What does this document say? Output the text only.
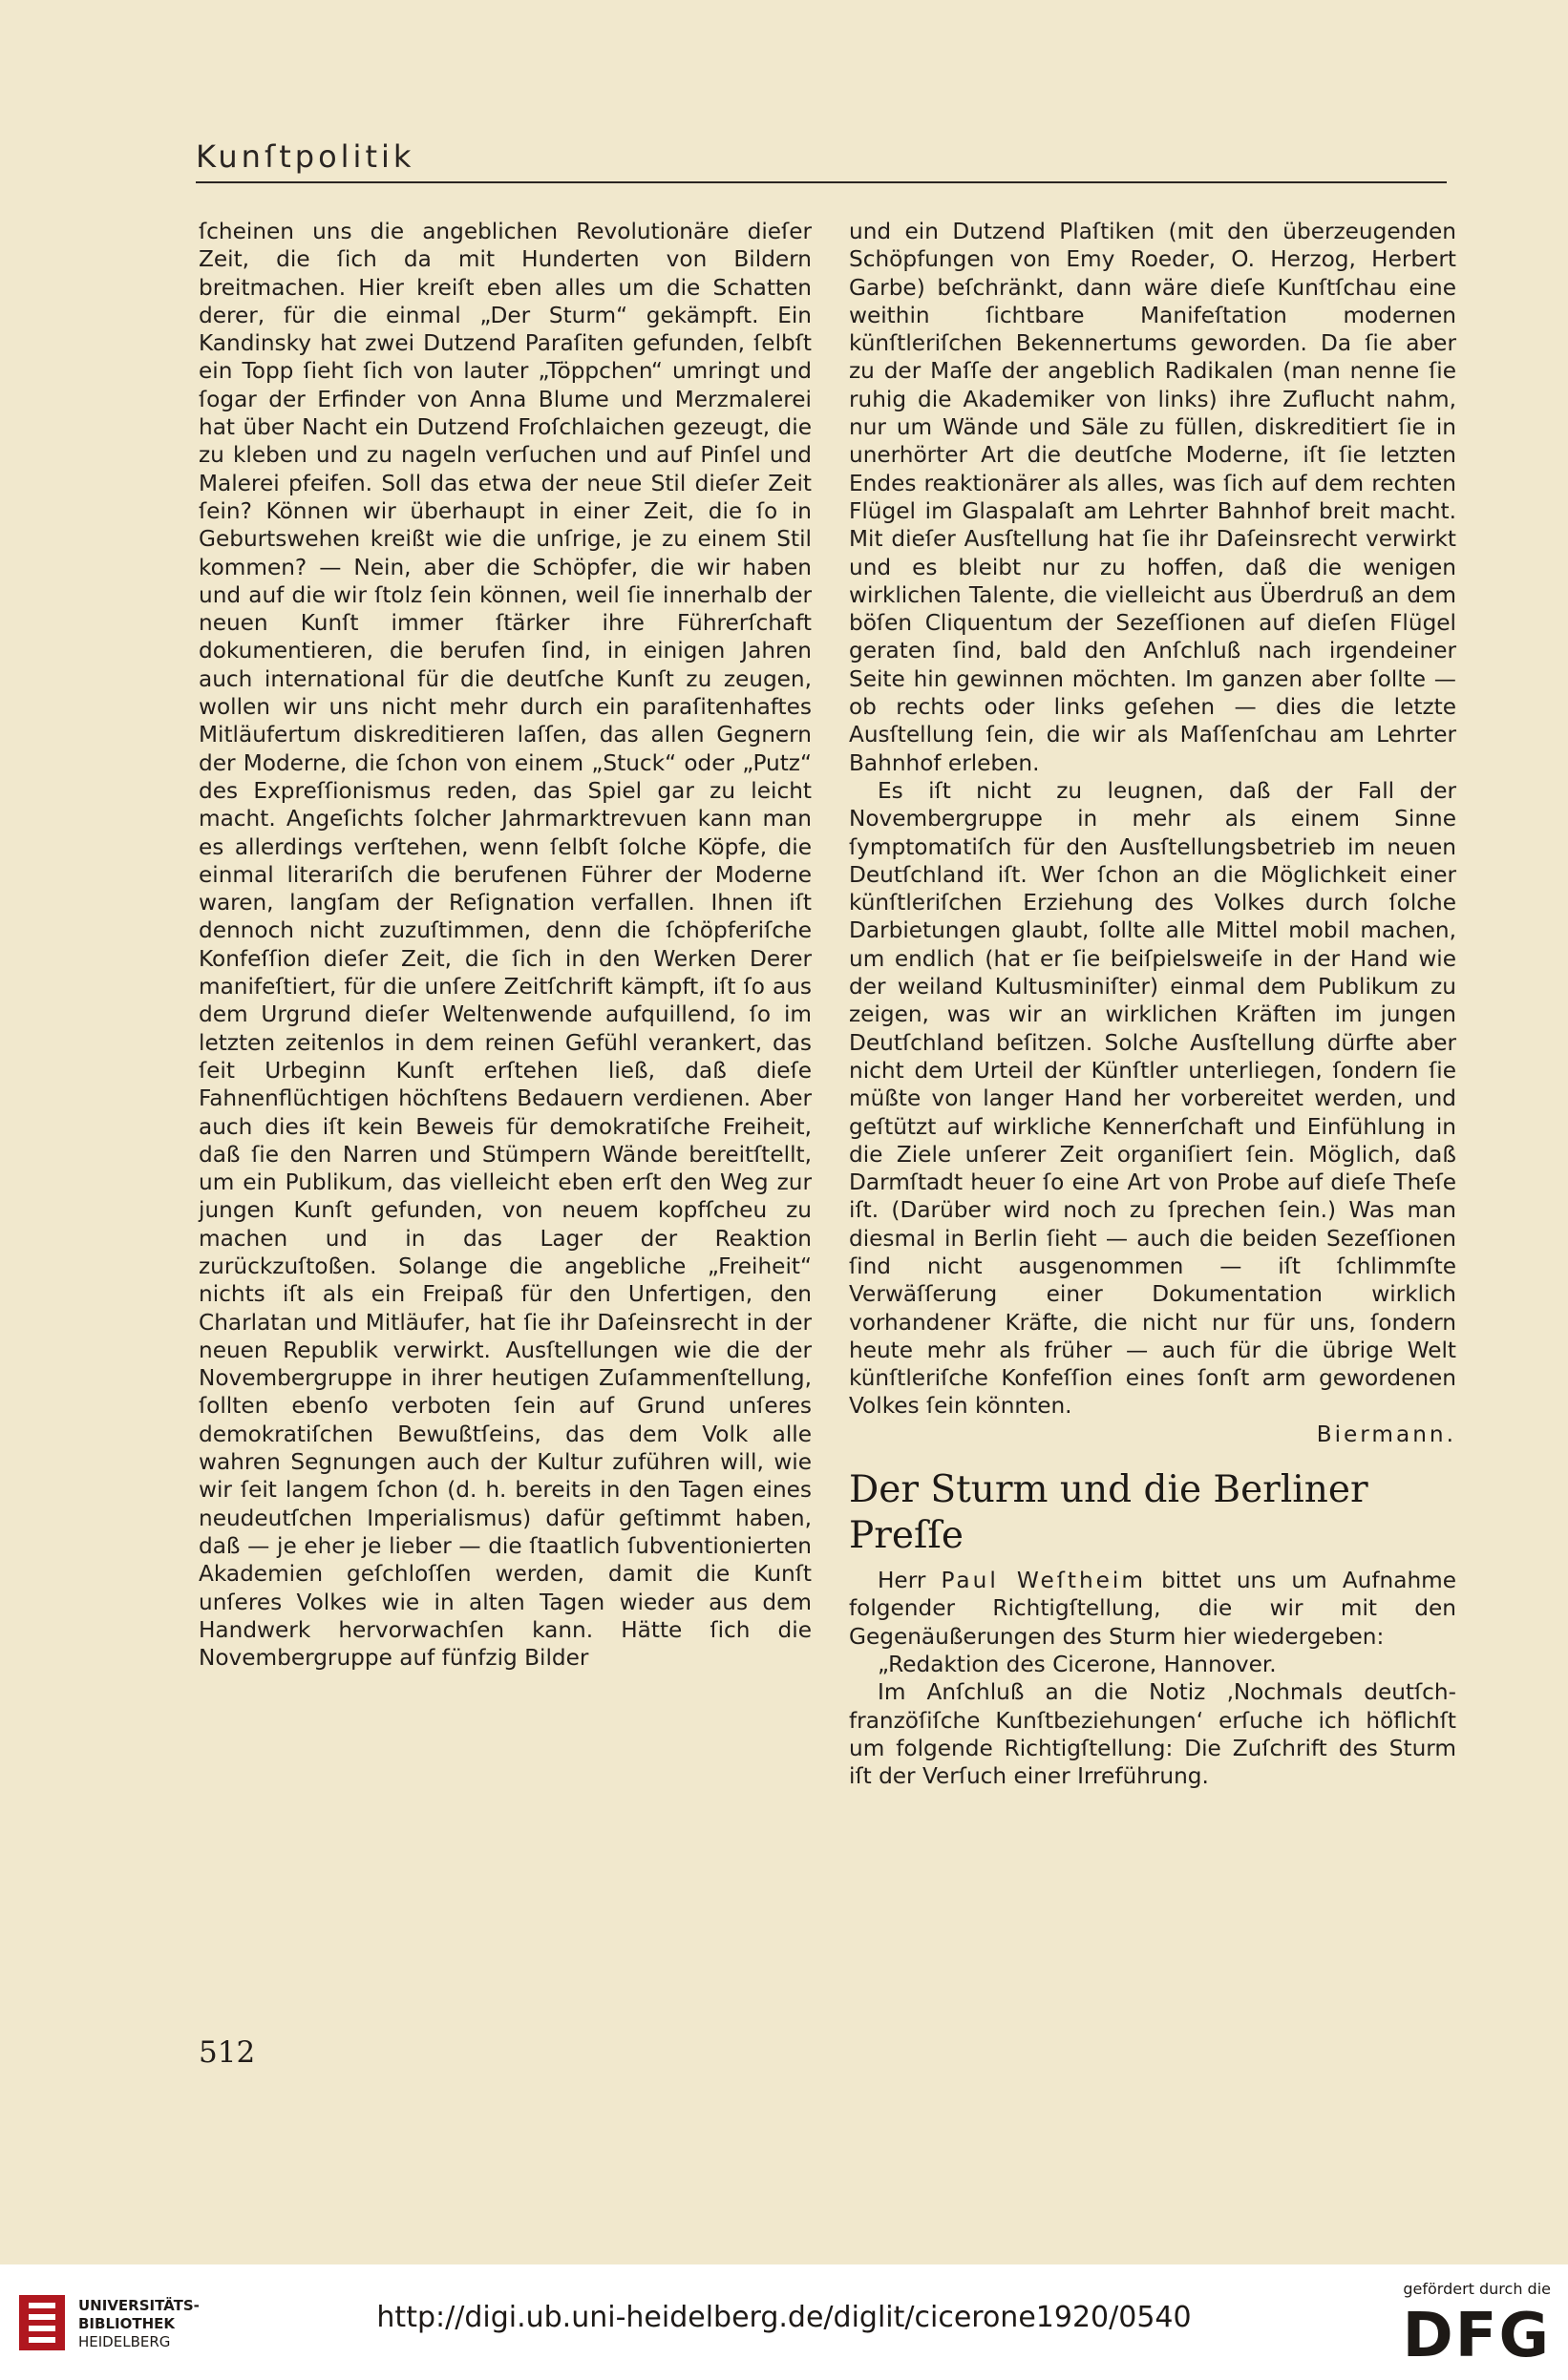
Kunſtpolitik

ſcheinen uns die angeblichen Revolutionäre dieſer Zeit, die ſich da mit Hunderten von Bildern breitmachen. Hier kreiſt eben alles um die Schatten derer, für die einmal „Der Sturm“ gekämpft. Ein Kandinsky hat zwei Dutzend Paraſiten gefunden, ſelbſt ein Topp ſieht ſich von lauter „Töppchen“ umringt und ſogar der Erfinder von Anna Blume und Merzmalerei hat über Nacht ein Dutzend Froſchlaichen gezeugt, die zu kleben und zu nageln verſuchen und auf Pinſel und Malerei pfeifen. Soll das etwa der neue Stil dieſer Zeit ſein? Können wir überhaupt in einer Zeit, die ſo in Geburtswehen kreißt wie die unſrige, je zu einem Stil kommen? — Nein, aber die Schöpfer, die wir haben und auf die wir ſtolz ſein können, weil ſie innerhalb der neuen Kunſt immer ſtärker ihre Führerſchaft dokumentieren, die berufen ſind, in einigen Jahren auch international für die deutſche Kunſt zu zeugen, wollen wir uns nicht mehr durch ein paraſitenhaftes Mitläufertum diskreditieren laſſen, das allen Gegnern der Moderne, die ſchon von einem „Stuck“ oder „Putz“ des Expreſſionismus reden, das Spiel gar zu leicht macht. Angeſichts ſolcher Jahrmarktrevuen kann man es allerdings verſtehen, wenn ſelbſt ſolche Köpfe, die einmal literariſch die berufenen Führer der Moderne waren, langſam der Reſignation verfallen. Ihnen iſt dennoch nicht zuzuſtimmen, denn die ſchöpferiſche Konfeſſion dieſer Zeit, die ſich in den Werken Derer manifeſtiert, für die unſere Zeitſchrift kämpft, iſt ſo aus dem Urgrund dieſer Weltenwende aufquillend, ſo im letzten zeitenlos in dem reinen Gefühl verankert, das ſeit Urbeginn Kunſt erſtehen ließ, daß dieſe Fahnenflüchtigen höchſtens Bedauern verdienen. Aber auch dies iſt kein Beweis für demokratiſche Freiheit, daß ſie den Narren und Stümpern Wände bereitſtellt, um ein Publikum, das vielleicht eben erſt den Weg zur jungen Kunſt gefunden, von neuem kopfſcheu zu machen und in das Lager der Reaktion zurückzuſtoßen. Solange die angebliche „Freiheit“ nichts iſt als ein Freipaß für den Unfertigen, den Charlatan und Mitläufer, hat ſie ihr Daſeinsrecht in der neuen Republik verwirkt. Ausſtellungen wie die der Novembergruppe in ihrer heutigen Zuſammenſtellung, ſollten ebenſo verboten ſein auf Grund unſeres demokratiſchen Bewußtſeins, das dem Volk alle wahren Segnungen auch der Kultur zuführen will, wie wir ſeit langem ſchon (d. h. bereits in den Tagen eines neudeutſchen Imperialismus) dafür geſtimmt haben, daß — je eher je lieber — die ſtaatlich ſubventionierten Akademien geſchloſſen werden, damit die Kunſt unſeres Volkes wie in alten Tagen wieder aus dem Handwerk hervorwachſen kann. Hätte ſich die Novembergruppe auf fünfzig Bilder

und ein Dutzend Plaſtiken (mit den überzeugenden Schöpfungen von Emy Roeder, O. Herzog, Herbert Garbe) beſchränkt, dann wäre dieſe Kunſtſchau eine weithin ſichtbare Manifeſtation modernen künſtleriſchen Bekennertums geworden. Da ſie aber zu der Maſſe der angeblich Radikalen (man nenne ſie ruhig die Akademiker von links) ihre Zuflucht nahm, nur um Wände und Säle zu füllen, diskreditiert ſie in unerhörter Art die deutſche Moderne, iſt ſie letzten Endes reaktionärer als alles, was ſich auf dem rechten Flügel im Glaspalaſt am Lehrter Bahnhof breit macht. Mit dieſer Ausſtellung hat ſie ihr Daſeinsrecht verwirkt und es bleibt nur zu hoffen, daß die wenigen wirklichen Talente, die vielleicht aus Überdruß an dem böſen Cliquentum der Sezeſſionen auf dieſen Flügel geraten ſind, bald den Anſchluß nach irgendeiner Seite hin gewinnen möchten. Im ganzen aber ſollte — ob rechts oder links geſehen — dies die letzte Ausſtellung ſein, die wir als Maſſenſchau am Lehrter Bahnhof erleben.

Es iſt nicht zu leugnen, daß der Fall der Novembergruppe in mehr als einem Sinne ſymptomatiſch für den Ausſtellungsbetrieb im neuen Deutſchland iſt. Wer ſchon an die Möglichkeit einer künſtleriſchen Erziehung des Volkes durch ſolche Darbietungen glaubt, ſollte alle Mittel mobil machen, um endlich (hat er ſie beiſpielsweiſe in der Hand wie der weiland Kultusminiſter) einmal dem Publikum zu zeigen, was wir an wirklichen Kräften im jungen Deutſchland beſitzen. Solche Ausſtellung dürfte aber nicht dem Urteil der Künſtler unterliegen, ſondern ſie müßte von langer Hand her vorbereitet werden, und geſtützt auf wirkliche Kennerſchaft und Einfühlung in die Ziele unſerer Zeit organiſiert ſein. Möglich, daß Darmſtadt heuer ſo eine Art von Probe auf dieſe Theſe iſt. (Darüber wird noch zu ſprechen ſein.) Was man diesmal in Berlin ſieht — auch die beiden Sezeſſionen ſind nicht ausgenommen — iſt ſchlimmſte Verwäſſerung einer Dokumentation wirklich vorhandener Kräfte, die nicht nur für uns, ſondern heute mehr als früher — auch für die übrige Welt künſtleriſche Konfeſſion eines ſonſt arm gewordenen Volkes ſein könnten.

Biermann.

Der Sturm und die Berliner Preſſe

Herr Paul Weſtheim bittet uns um Aufnahme folgender Richtigſtellung, die wir mit den Gegenäußerungen des Sturm hier wiedergeben:

„Redaktion des Cicerone, Hannover.

Im Anſchluß an die Notiz ‚Nochmals deutſch-franzöſiſche Kunſtbeziehungen‘ erſuche ich höflichſt um folgende Richtigſtellung: Die Zuſchrift des Sturm iſt der Verſuch einer Irreführung.

512
UNIVERSITÄTS-
BIBLIOTHEK
HEIDELBERG
http://digi.ub.uni-heidelberg.de/diglit/cicerone1920/0540
gefördert durch die
DFG
